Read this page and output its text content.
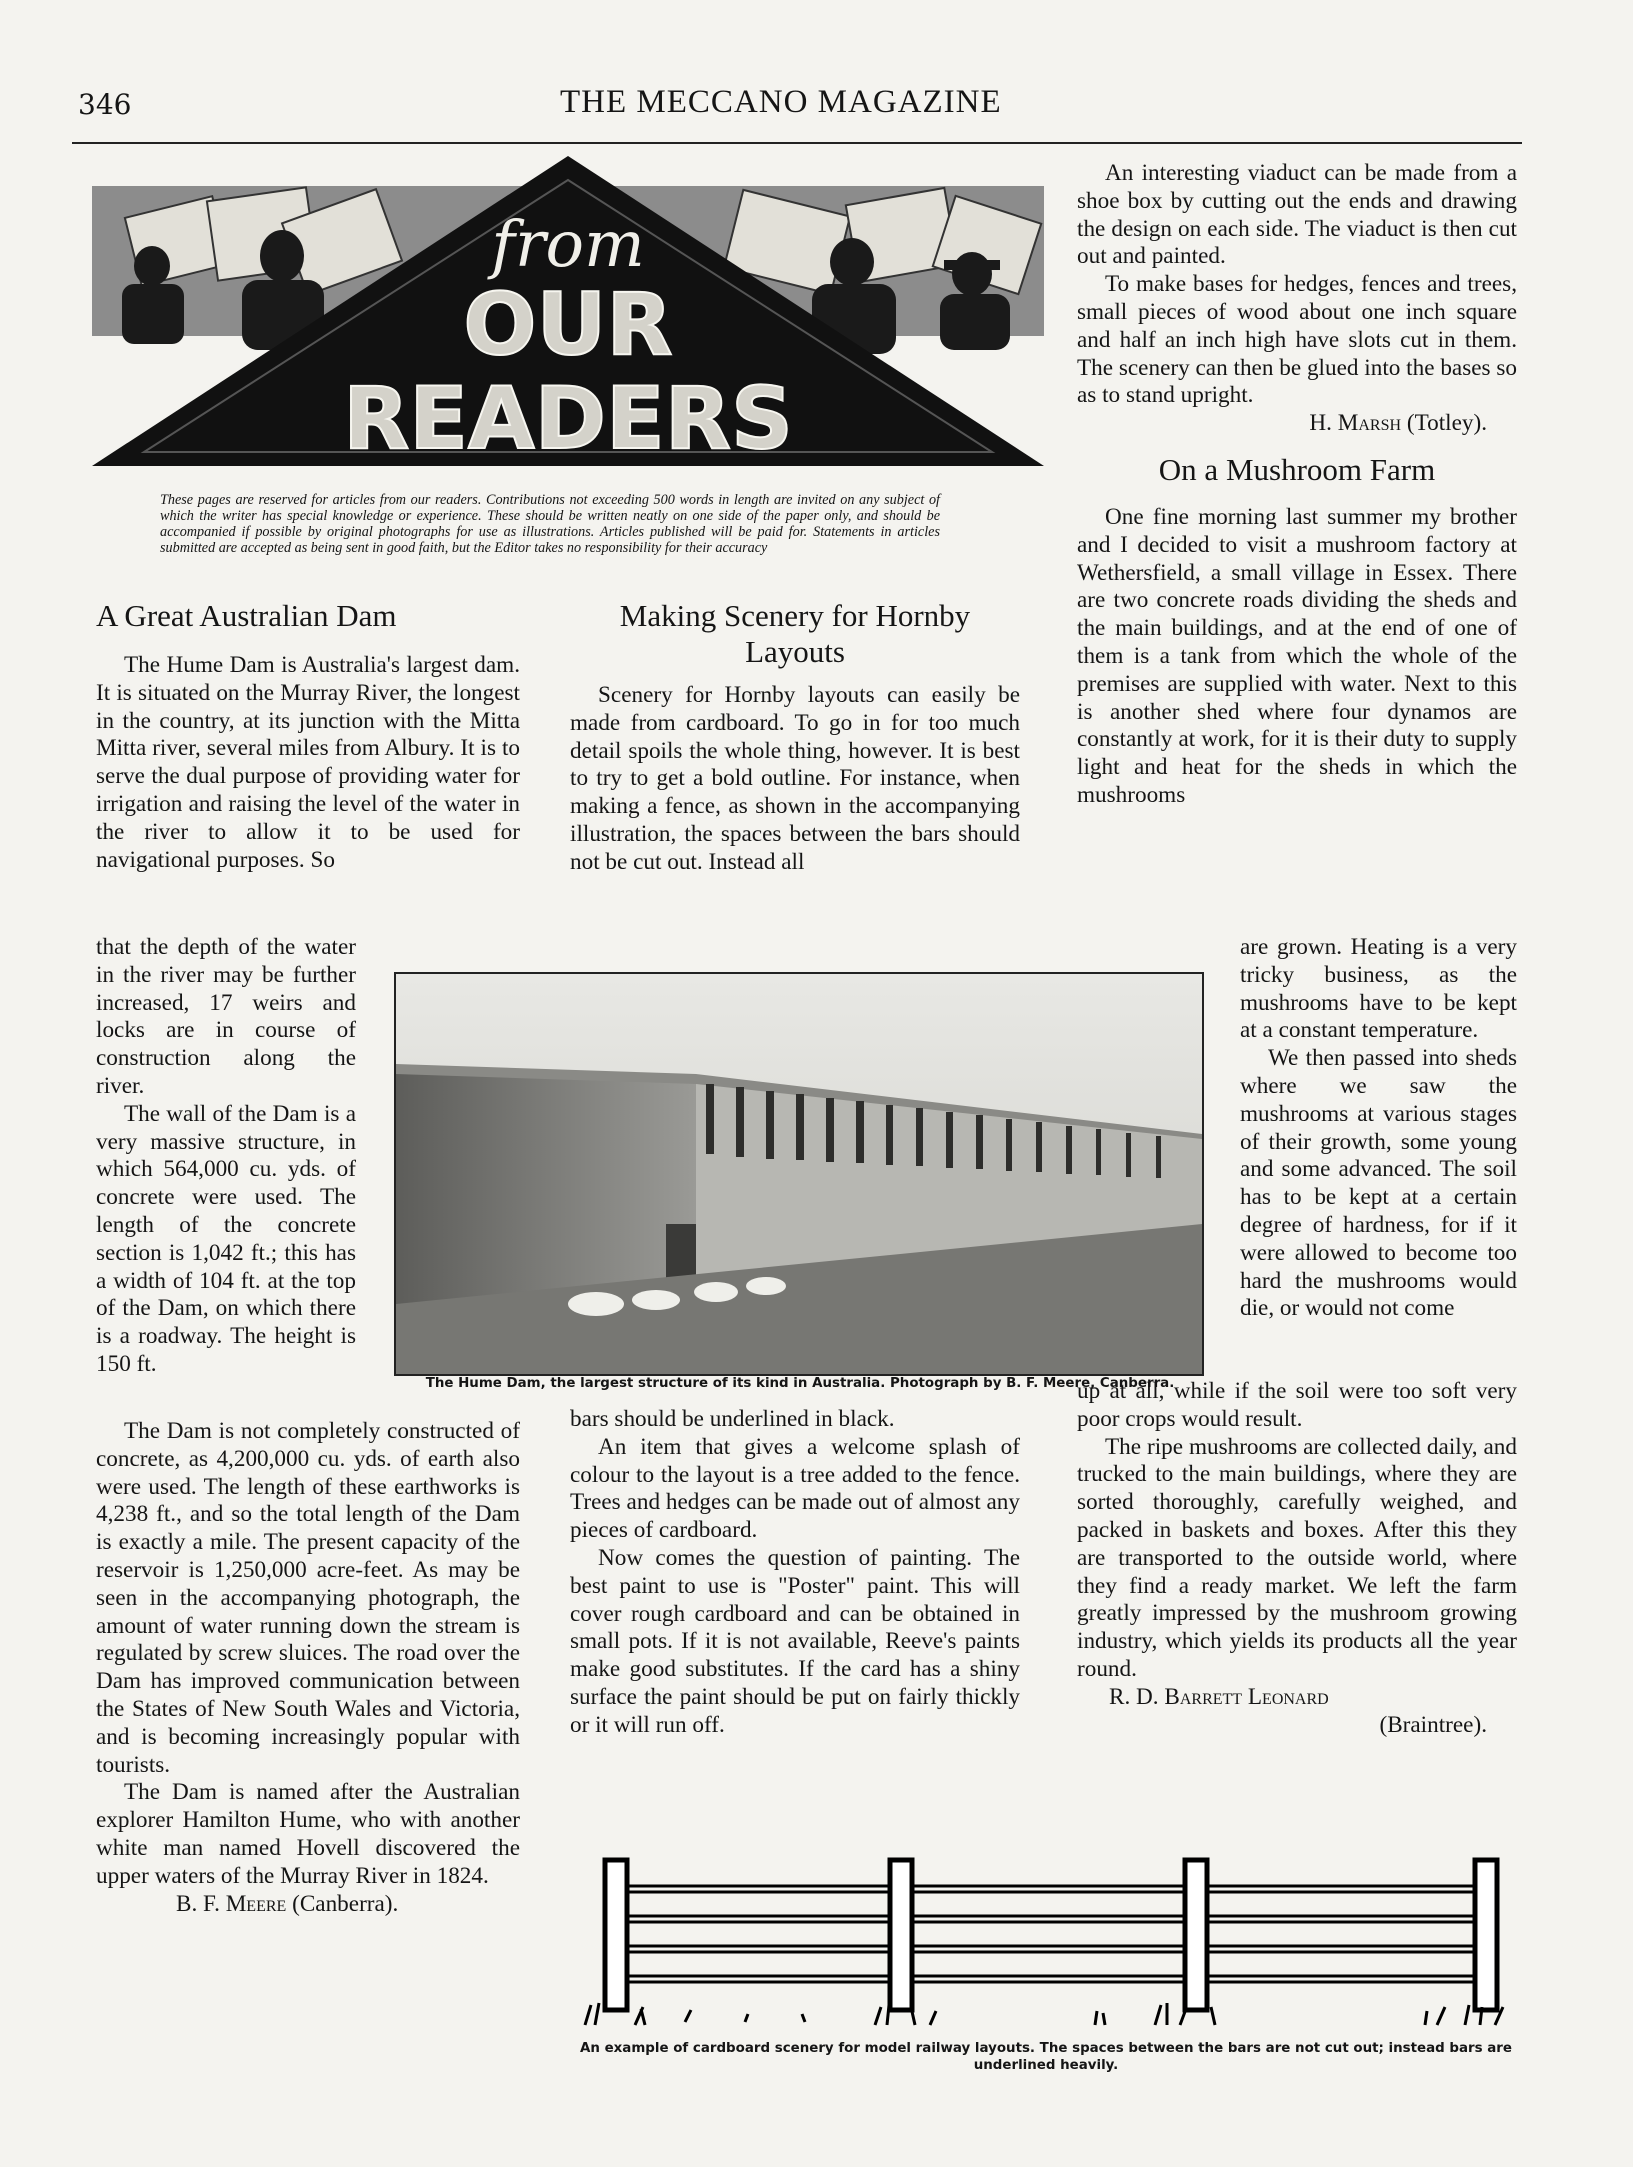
346	THE MECCANO MAGAZINE
from
OUR
READERS
These pages are reserved for articles from our readers. Contributions not exceeding 500 words in length are invited on any subject of which the writer has special knowledge or experience. These should be written neatly on one side of the paper only, and should be accompanied if possible by original photographs for use as illustrations. Articles published will be paid for. Statements in articles submitted are accepted as being sent in good faith, but the Editor takes no responsibility for their accuracy
A Great Australian Dam

The Hume Dam is Australia's largest dam. It is situated on the Murray River, the longest in the country, at its junction with the Mitta Mitta river, several miles from Albury. It is to serve the dual purpose of providing water for irrigation and raising the level of the water in the river to allow it to be used for navigational purposes. So

that the depth of the water in the river may be further increased, 17 weirs and locks are in course of construction along the river.

The wall of the Dam is a very massive structure, in which 564,000 cu. yds. of concrete were used. The length of the concrete section is 1,042 ft.; this has a width of 104 ft. at the top of the Dam, on which there is a roadway. The height is 150 ft.

The Dam is not completely constructed of concrete, as 4,200,000 cu. yds. of earth also were used. The length of these earthworks is 4,238 ft., and so the total length of the Dam is exactly a mile. The present capacity of the reservoir is 1,250,000 acre-feet. As may be seen in the accompanying photograph, the amount of water running down the stream is regulated by screw sluices. The road over the Dam has improved communication between the States of New South Wales and Victoria, and is becoming increasingly popular with tourists.

The Dam is named after the Australian explorer Hamilton Hume, who with another white man named Hovell discovered the upper waters of the Murray River in 1824.

B. F. Meere (Canberra).
Making Scenery for Hornby Layouts

Scenery for Hornby layouts can easily be made from cardboard. To go in for too much detail spoils the whole thing, however. It is best to try to get a bold outline. For instance, when making a fence, as shown in the accompanying illustration, the spaces between the bars should not be cut out. Instead all

bars should be underlined in black.

An item that gives a welcome splash of colour to the layout is a tree added to the fence. Trees and hedges can be made out of almost any pieces of cardboard.

Now comes the question of painting. The best paint to use is "Poster" paint. This will cover rough cardboard and can be obtained in small pots. If it is not available, Reeve's paints make good substitutes. If the card has a shiny surface the paint should be put on fairly thickly or it will run off.

An interesting viaduct can be made from a shoe box by cutting out the ends and drawing the design on each side. The viaduct is then cut out and painted.

To make bases for hedges, fences and trees, small pieces of wood about one inch square and half an inch high have slots cut in them. The scenery can then be glued into the bases so as to stand upright.

H. Marsh (Totley).
On a Mushroom Farm

One fine morning last summer my brother and I decided to visit a mushroom factory at Wethersfield, a small village in Essex. There are two concrete roads dividing the sheds and the main buildings, and at the end of one of them is a tank from which the whole of the premises are supplied with water. Next to this is another shed where four dynamos are constantly at work, for it is their duty to supply light and heat for the sheds in which the mushrooms

are grown. Heating is a very tricky business, as the mushrooms have to be kept at a constant temperature.

We then passed into sheds where we saw the mushrooms at various stages of their growth, some young and some advanced. The soil has to be kept at a certain degree of hardness, for if it were allowed to become too hard the mushrooms would die, or would not come

up at all, while if the soil were too soft very poor crops would result.

The ripe mushrooms are collected daily, and trucked to the main buildings, where they are sorted thoroughly, carefully weighed, and packed in baskets and boxes. After this they are transported to the outside world, where they find a ready market. We left the farm greatly impressed by the mushroom growing industry, which yields its products all the year round.

R. D. Barrett Leonard
(Braintree).
The Hume Dam, the largest structure of its kind in Australia. Photograph by B. F. Meere, Canberra.
An example of cardboard scenery for model railway layouts. The spaces between the bars are not cut out; instead bars are underlined heavily.
